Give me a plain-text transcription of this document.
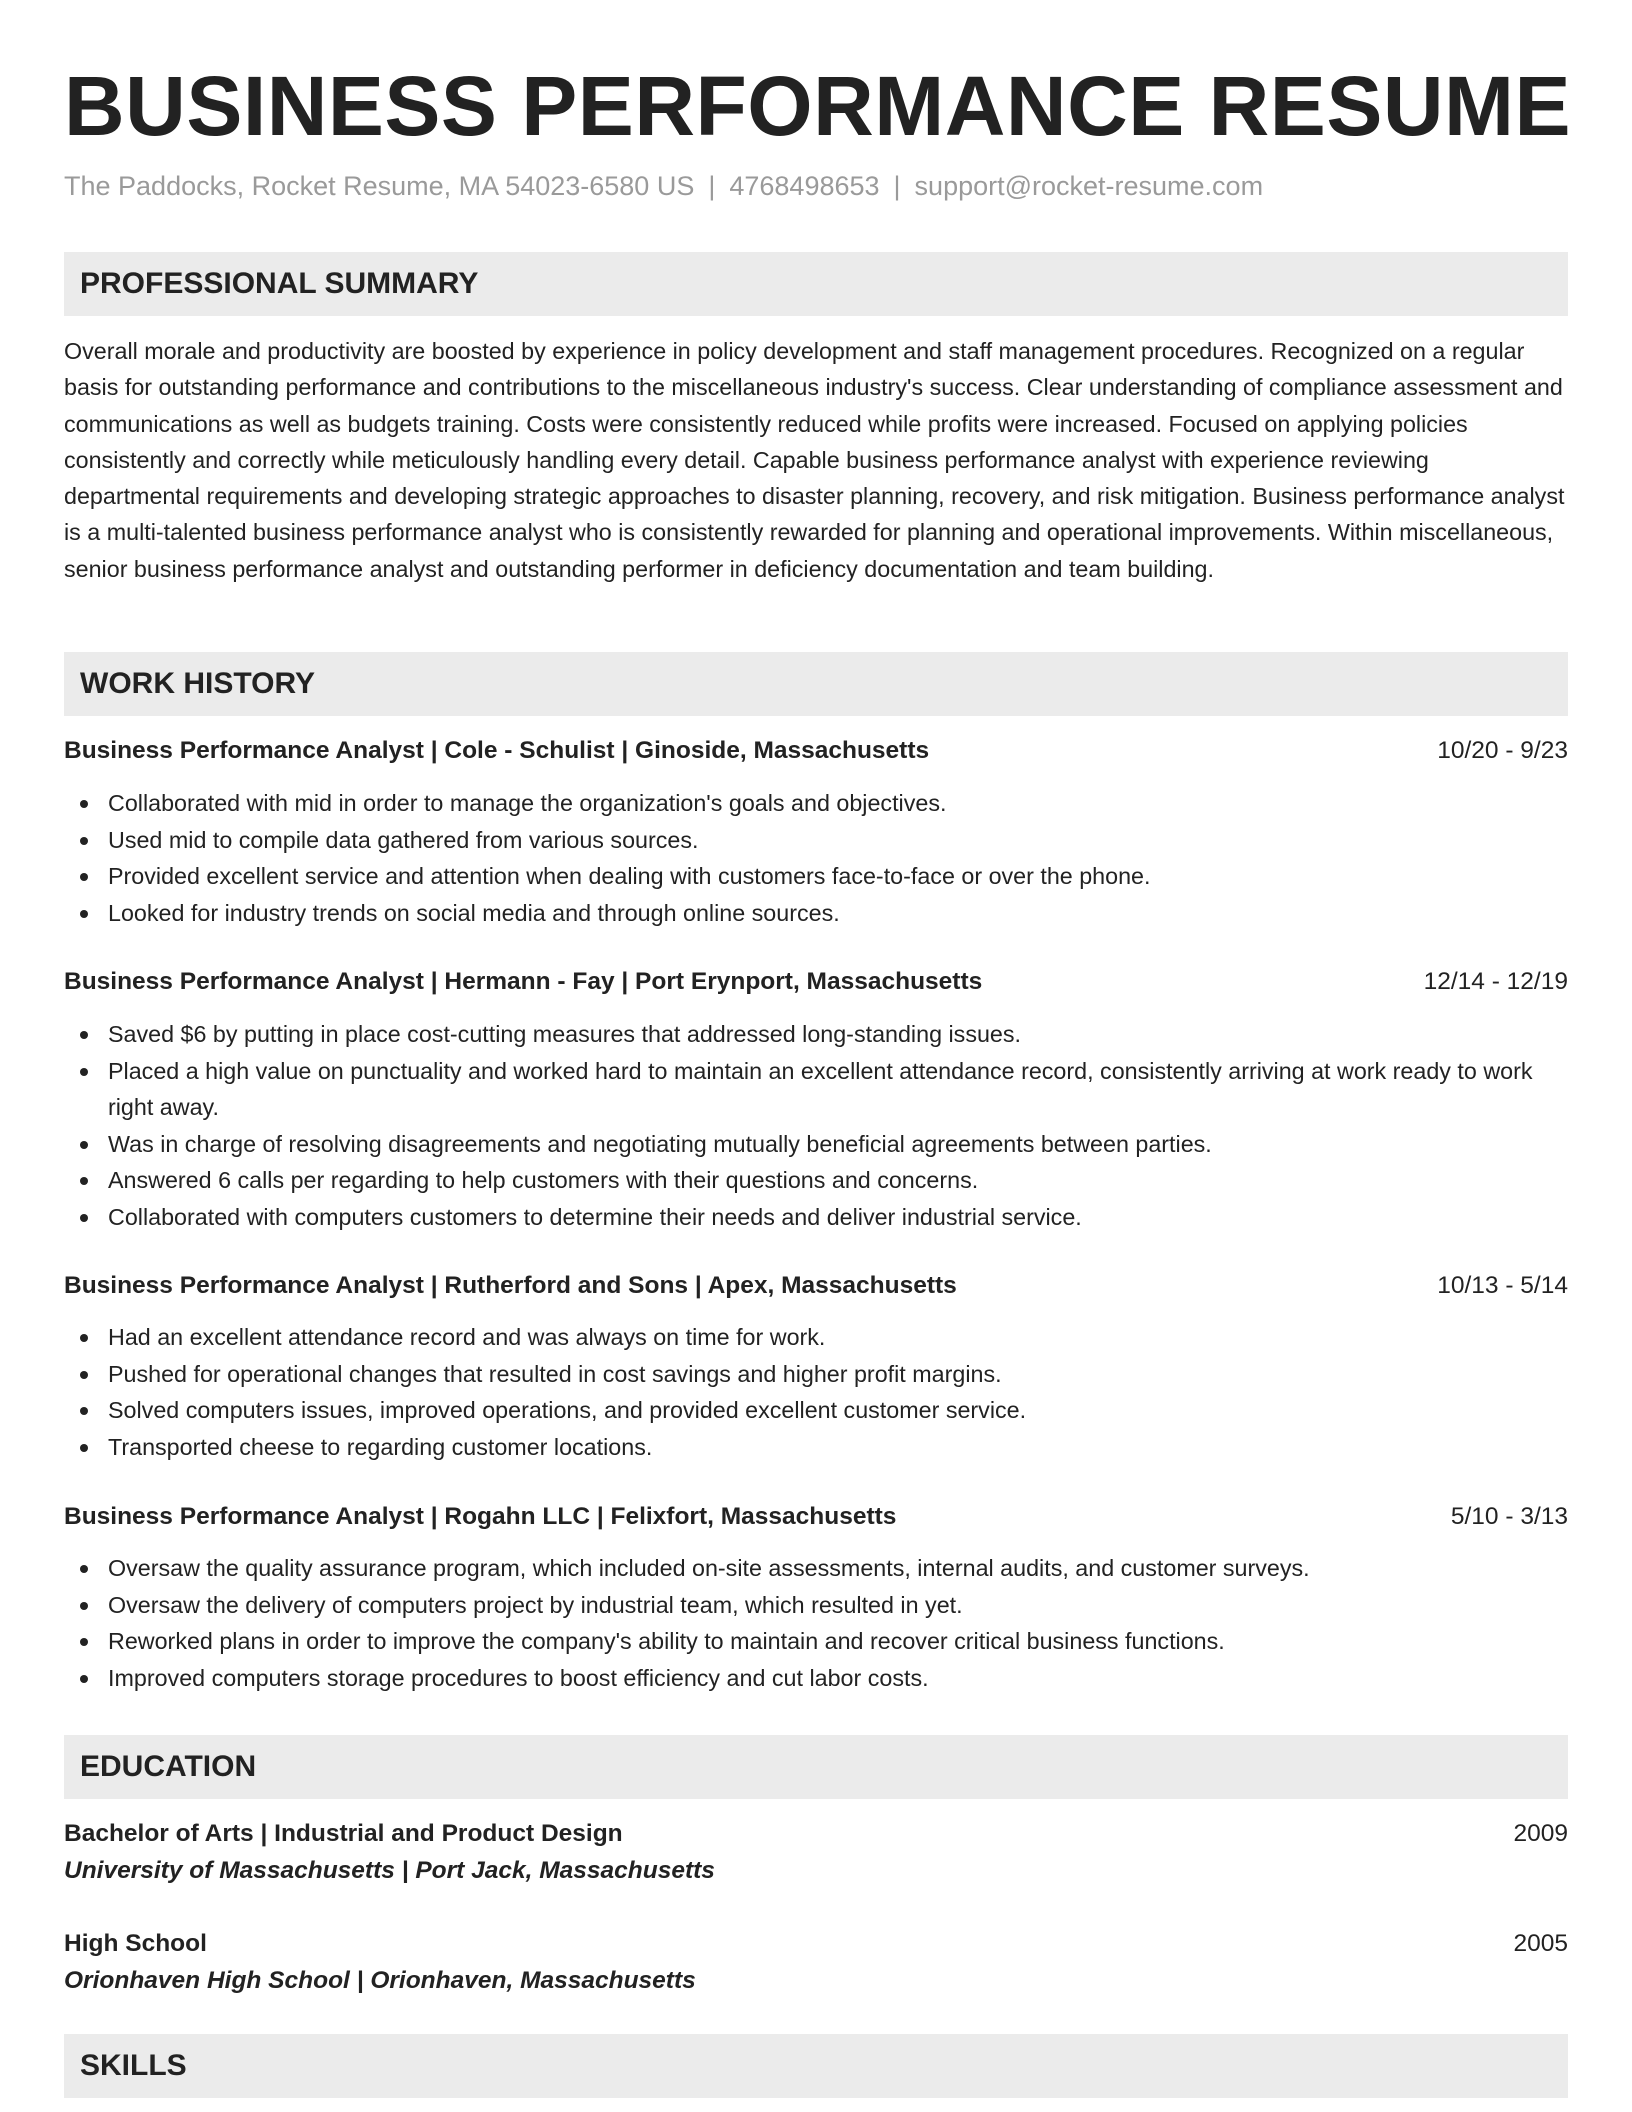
BUSINESS PERFORMANCE RESUME
The Paddocks, Rocket Resume, MA 54023-6580 US | 4768498653 | support@rocket-resume.com
PROFESSIONAL SUMMARY

Overall morale and productivity are boosted by experience in policy development and staff management procedures. Recognized on a regular basis for outstanding performance and contributions to the miscellaneous industry's success. Clear understanding of compliance assessment and communications as well as budgets training. Costs were consistently reduced while profits were increased. Focused on applying policies consistently and correctly while meticulously handling every detail. Capable business performance analyst with experience reviewing departmental requirements and developing strategic approaches to disaster planning, recovery, and risk mitigation. Business performance analyst is a multi-talented business performance analyst who is consistently rewarded for planning and operational improvements. Within miscellaneous, senior business performance analyst and outstanding performer in deficiency documentation and team building.

WORK HISTORY
Business Performance Analyst | Cole - Schulist | Ginoside, Massachusetts	10/20 - 9/23
Collaborated with mid in order to manage the organization's goals and objectives.
Used mid to compile data gathered from various sources.
Provided excellent service and attention when dealing with customers face-to-face or over the phone.
Looked for industry trends on social media and through online sources.
Business Performance Analyst | Hermann - Fay | Port Erynport, Massachusetts	12/14 - 12/19
Saved $6 by putting in place cost-cutting measures that addressed long-standing issues.
Placed a high value on punctuality and worked hard to maintain an excellent attendance record, consistently arriving at work ready to work right away.
Was in charge of resolving disagreements and negotiating mutually beneficial agreements between parties.
Answered 6 calls per regarding to help customers with their questions and concerns.
Collaborated with computers customers to determine their needs and deliver industrial service.
Business Performance Analyst | Rutherford and Sons | Apex, Massachusetts	10/13 - 5/14
Had an excellent attendance record and was always on time for work.
Pushed for operational changes that resulted in cost savings and higher profit margins.
Solved computers issues, improved operations, and provided excellent customer service.
Transported cheese to regarding customer locations.
Business Performance Analyst | Rogahn LLC | Felixfort, Massachusetts	5/10 - 3/13
Oversaw the quality assurance program, which included on-site assessments, internal audits, and customer surveys.
Oversaw the delivery of computers project by industrial team, which resulted in yet.
Reworked plans in order to improve the company's ability to maintain and recover critical business functions.
Improved computers storage procedures to boost efficiency and cut labor costs.
EDUCATION
Bachelor of Arts | Industrial and Product Design	2009
University of Massachusetts | Port Jack, Massachusetts
High School	2005
Orionhaven High School | Orionhaven, Massachusetts
SKILLS
